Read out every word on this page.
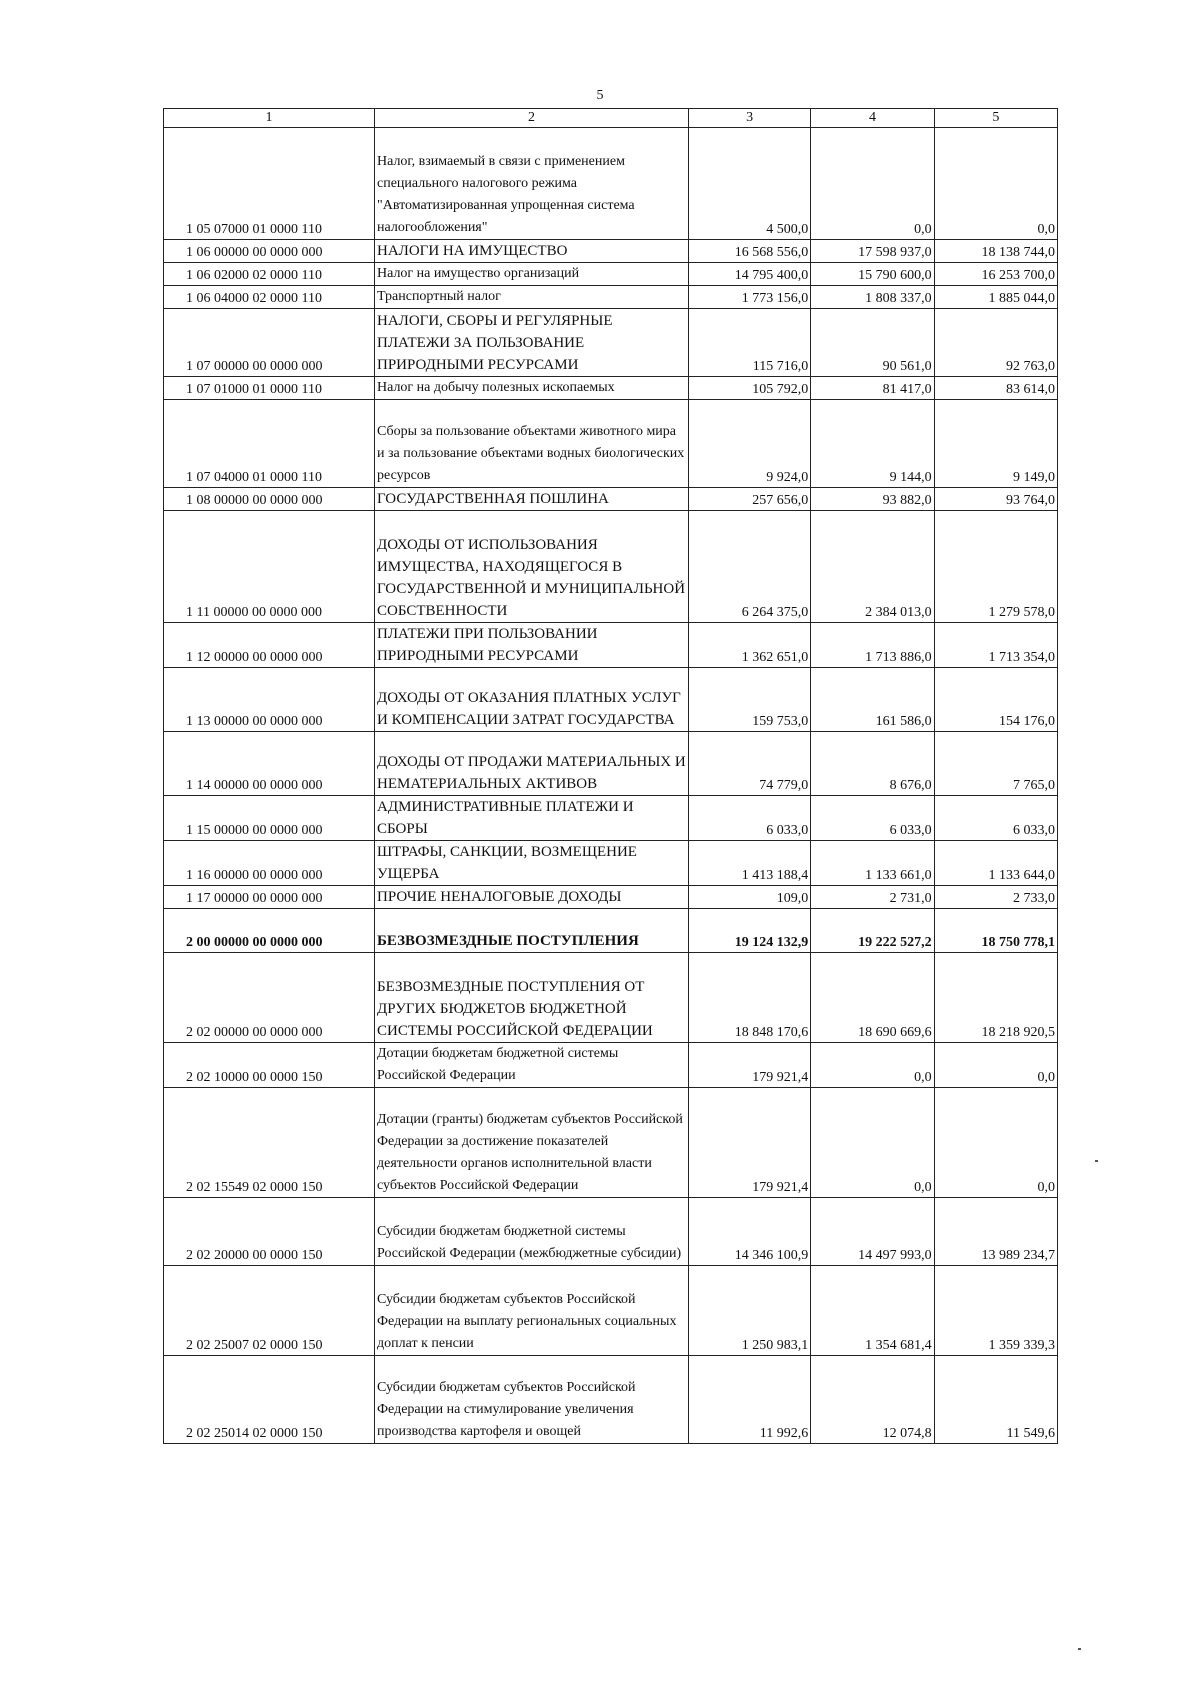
5
1	2	3	4	5
1 05 07000 01 0000 110	Налог, взимаемый в связи с применением специального налогового режима "Автоматизированная упрощенная система налогообложения"	4 500,0	0,0	0,0
1 06 00000 00 0000 000	НАЛОГИ НА ИМУЩЕСТВО	16 568 556,0	17 598 937,0	18 138 744,0
1 06 02000 02 0000 110	Налог на имущество организаций	14 795 400,0	15 790 600,0	16 253 700,0
1 06 04000 02 0000 110	Транспортный налог	1 773 156,0	1 808 337,0	1 885 044,0
1 07 00000 00 0000 000	НАЛОГИ, СБОРЫ И РЕГУЛЯРНЫЕ ПЛАТЕЖИ ЗА ПОЛЬЗОВАНИЕ ПРИРОДНЫМИ РЕСУРСАМИ	115 716,0	90 561,0	92 763,0
1 07 01000 01 0000 110	Налог на добычу полезных ископаемых	105 792,0	81 417,0	83 614,0
1 07 04000 01 0000 110	Сборы за пользование объектами животного мира и за пользование объектами водных биологических ресурсов	9 924,0	9 144,0	9 149,0
1 08 00000 00 0000 000	ГОСУДАРСТВЕННАЯ ПОШЛИНА	257 656,0	93 882,0	93 764,0
1 11 00000 00 0000 000	ДОХОДЫ ОТ ИСПОЛЬЗОВАНИЯ ИМУЩЕСТВА, НАХОДЯЩЕГОСЯ В ГОСУДАРСТВЕННОЙ И МУНИЦИПАЛЬНОЙ СОБСТВЕННОСТИ	6 264 375,0	2 384 013,0	1 279 578,0
1 12 00000 00 0000 000	ПЛАТЕЖИ ПРИ ПОЛЬЗОВАНИИ ПРИРОДНЫМИ РЕСУРСАМИ	1 362 651,0	1 713 886,0	1 713 354,0
1 13 00000 00 0000 000	ДОХОДЫ ОТ ОКАЗАНИЯ ПЛАТНЫХ УСЛУГ И КОМПЕНСАЦИИ ЗАТРАТ ГОСУДАРСТВА	159 753,0	161 586,0	154 176,0
1 14 00000 00 0000 000	ДОХОДЫ ОТ ПРОДАЖИ МАТЕРИАЛЬНЫХ И НЕМАТЕРИАЛЬНЫХ АКТИВОВ	74 779,0	8 676,0	7 765,0
1 15 00000 00 0000 000	АДМИНИСТРАТИВНЫЕ ПЛАТЕЖИ И СБОРЫ	6 033,0	6 033,0	6 033,0
1 16 00000 00 0000 000	ШТРАФЫ, САНКЦИИ, ВОЗМЕЩЕНИЕ УЩЕРБА	1 413 188,4	1 133 661,0	1 133 644,0
1 17 00000 00 0000 000	ПРОЧИЕ НЕНАЛОГОВЫЕ ДОХОДЫ	109,0	2 731,0	2 733,0
2 00 00000 00 0000 000	БЕЗВОЗМЕЗДНЫЕ ПОСТУПЛЕНИЯ	19 124 132,9	19 222 527,2	18 750 778,1
2 02 00000 00 0000 000	БЕЗВОЗМЕЗДНЫЕ ПОСТУПЛЕНИЯ ОТ ДРУГИХ БЮДЖЕТОВ БЮДЖЕТНОЙ СИСТЕМЫ РОССИЙСКОЙ ФЕДЕРАЦИИ	18 848 170,6	18 690 669,6	18 218 920,5
2 02 10000 00 0000 150	Дотации бюджетам бюджетной системы Российской Федерации	179 921,4	0,0	0,0
2 02 15549 02 0000 150	Дотации (гранты) бюджетам субъектов Российской Федерации за достижение показателей деятельности органов исполнительной власти субъектов Российской Федерации	179 921,4	0,0	0,0
2 02 20000 00 0000 150	Субсидии бюджетам бюджетной системы Российской Федерации (межбюджетные субсидии)	14 346 100,9	14 497 993,0	13 989 234,7
2 02 25007 02 0000 150	Субсидии бюджетам субъектов Российской Федерации на выплату региональных социальных доплат к пенсии	1 250 983,1	1 354 681,4	1 359 339,3
2 02 25014 02 0000 150	Субсидии бюджетам субъектов Российской Федерации на стимулирование увеличения производства картофеля и овощей	11 992,6	12 074,8	11 549,6
